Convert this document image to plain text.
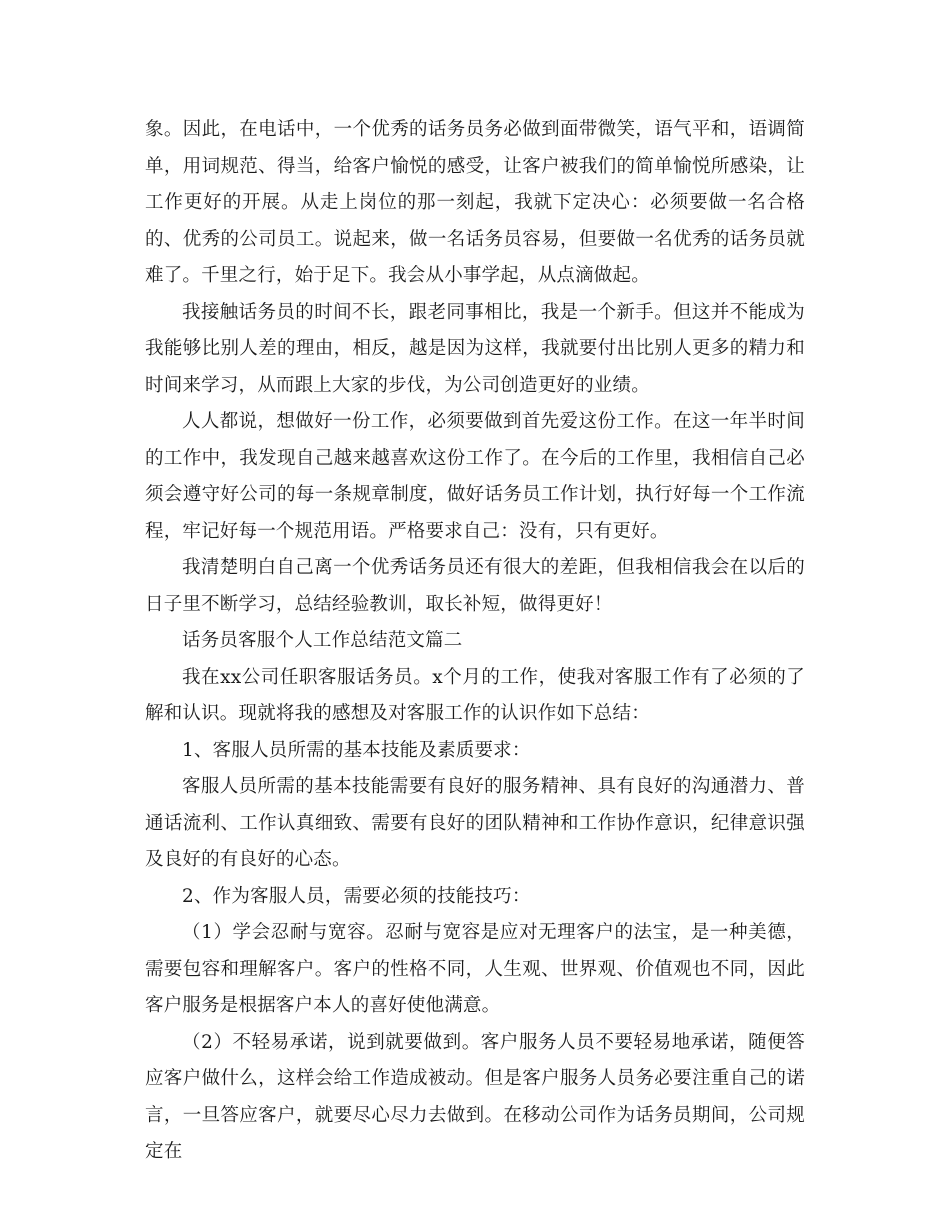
象。因此，在电话中，一个优秀的话务员务必做到面带微笑，语气平和，语调简单，用词规范、得当，给客户愉悦的感受，让客户被我们的简单愉悦所感染，让工作更好的开展。从走上岗位的那一刻起，我就下定决心：必须要做一名合格的、优秀的公司员工。说起来，做一名话务员容易，但要做一名优秀的话务员就难了。千里之行，始于足下。我会从小事学起，从点滴做起。

我接触话务员的时间不长，跟老同事相比，我是一个新手。但这并不能成为我能够比别人差的理由，相反，越是因为这样，我就要付出比别人更多的精力和时间来学习，从而跟上大家的步伐，为公司创造更好的业绩。

人人都说，想做好一份工作，必须要做到首先爱这份工作。在这一年半时间的工作中，我发现自己越来越喜欢这份工作了。在今后的工作里，我相信自己必须会遵守好公司的每一条规章制度，做好话务员工作计划，执行好每一个工作流程，牢记好每一个规范用语。严格要求自己：没有，只有更好。

我清楚明白自己离一个优秀话务员还有很大的差距，但我相信我会在以后的日子里不断学习，总结经验教训，取长补短，做得更好！

话务员客服个人工作总结范文篇二

我在xx公司任职客服话务员。x个月的工作，使我对客服工作有了必须的了解和认识。现就将我的感想及对客服工作的认识作如下总结：

1、客服人员所需的基本技能及素质要求：

客服人员所需的基本技能需要有良好的服务精神、具有良好的沟通潜力、普通话流利、工作认真细致、需要有良好的团队精神和工作协作意识，纪律意识强及良好的有良好的心态。

2、作为客服人员，需要必须的技能技巧：

（1）学会忍耐与宽容。忍耐与宽容是应对无理客户的法宝，是一种美德，需要包容和理解客户。客户的性格不同，人生观、世界观、价值观也不同，因此客户服务是根据客户本人的喜好使他满意。

（2）不轻易承诺，说到就要做到。客户服务人员不要轻易地承诺，随便答应客户做什么，这样会给工作造成被动。但是客户服务人员务必要注重自己的诺言，一旦答应客户，就要尽心尽力去做到。在移动公司作为话务员期间，公司规定在
